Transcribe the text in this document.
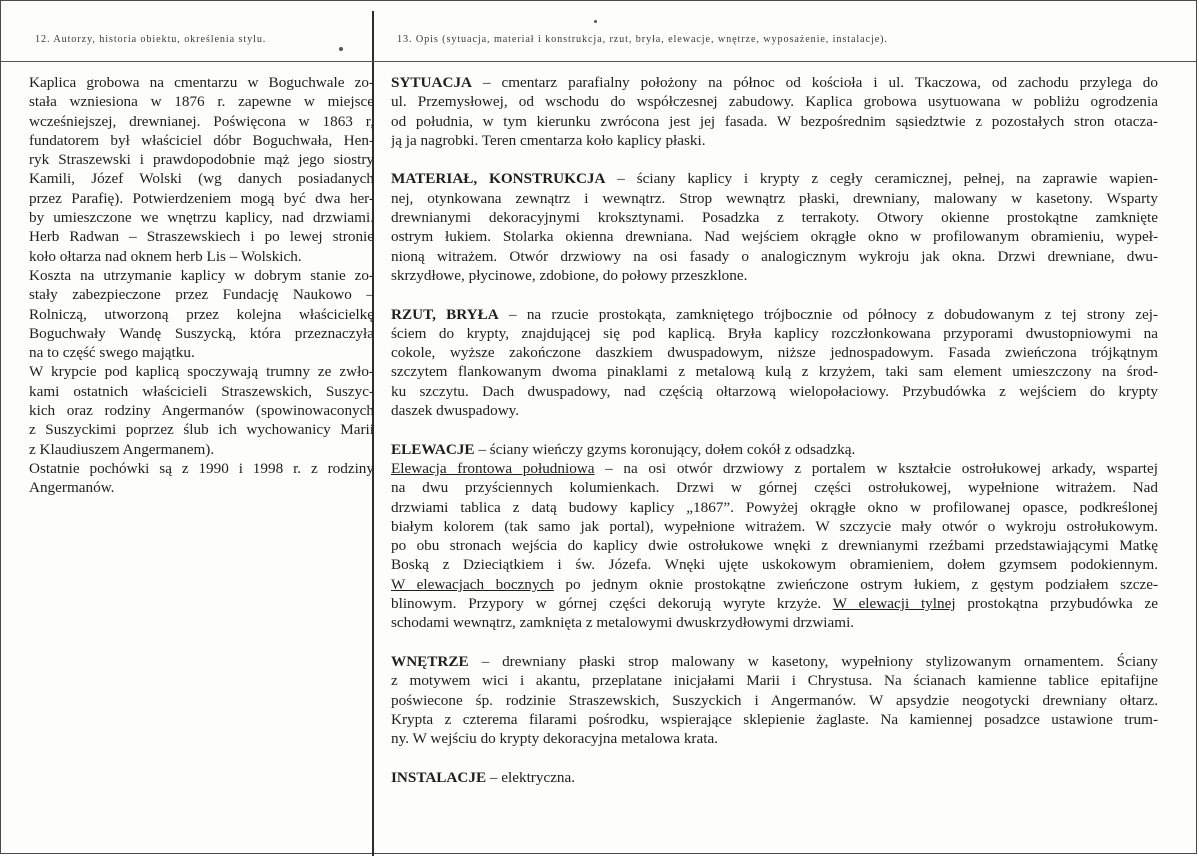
12. Autorzy, historia obiektu, określenia stylu.	13. Opis (sytuacja, materiał i konstrukcja, rzut, bryła, elewacje, wnętrze, wyposażenie, instalacje).
Kaplica grobowa na cmentarzu w Boguchwale zo-
stała wzniesiona w 1876 r. zapewne w miejsce
wcześniejszej, drewnianej. Poświęcona w 1863 r,
fundatorem był właściciel dóbr Boguchwała, Hen-
ryk Straszewski i prawdopodobnie mąż jego siostry
Kamili, Józef Wolski (wg danych posiadanych
przez Parafię). Potwierdzeniem mogą być dwa her-
by umieszczone we wnętrzu kaplicy, nad drzwiami.
Herb Radwan – Straszewskiech i po lewej stronie
koło ołtarza nad oknem herb Lis – Wolskich.
Koszta na utrzymanie kaplicy w dobrym stanie zo-
stały zabezpieczone przez Fundację Naukowo –
Rolniczą, utworzoną przez kolejna właścicielkę
Boguchwały Wandę Suszycką, która przeznaczyła
na to część swego majątku.
W krypcie pod kaplicą spoczywają trumny ze zwło-
kami ostatnich właścicieli Straszewskich, Suszyc-
kich oraz rodziny Angermanów (spowinowaconych
z Suszyckimi poprzez ślub ich wychowanicy Marii
z Klaudiuszem Angermanem).
Ostatnie pochówki są z 1990 i 1998 r. z rodziny
Angermanów.
SYTUACJA – cmentarz parafialny położony na północ od kościoła i ul. Tkaczowa, od zachodu przylega do
ul. Przemysłowej, od wschodu do współczesnej zabudowy. Kaplica grobowa usytuowana w pobliżu ogrodzenia
od południa, w tym kierunku zwrócona jest jej fasada. W bezpośrednim sąsiedztwie z pozostałych stron otacza-
ją ja nagrobki. Teren cmentarza koło kaplicy płaski.
MATERIAŁ, KONSTRUKCJA – ściany kaplicy i krypty z cegły ceramicznej, pełnej, na zaprawie wapien-
nej, otynkowana zewnątrz i wewnątrz. Strop wewnątrz płaski, drewniany, malowany w kasetony. Wsparty
drewnianymi dekoracyjnymi kroksztynami. Posadzka z terrakoty. Otwory okienne prostokątne zamknięte
ostrym łukiem. Stolarka okienna drewniana. Nad wejściem okrągłe okno w profilowanym obramieniu, wypeł-
nioną witrażem. Otwór drzwiowy na osi fasady o analogicznym wykroju jak okna. Drzwi drewniane, dwu-
skrzydłowe, płycinowe, zdobione, do połowy przeszklone.
RZUT, BRYŁA – na rzucie prostokąta, zamkniętego trójbocznie od północy z dobudowanym z tej strony zej-
ściem do krypty, znajdującej się pod kaplicą. Bryła kaplicy rozczłonkowana przyporami dwustopniowymi na
cokole, wyższe zakończone daszkiem dwuspadowym, niższe jednospadowym. Fasada zwieńczona trójkątnym
szczytem flankowanym dwoma pinaklami z metalową kulą z krzyżem, taki sam element umieszczony na środ-
ku szczytu. Dach dwuspadowy, nad częścią ołtarzową wielopołaciowy. Przybudówka z wejściem do krypty
daszek dwuspadowy.
ELEWACJE – ściany wieńczy gzyms koronujący, dołem cokół z odsadzką.
Elewacja frontowa południowa – na osi otwór drzwiowy z portalem w kształcie ostrołukowej arkady, wspartej
na dwu przyściennych kolumienkach. Drzwi w górnej części ostrołukowej, wypełnione witrażem. Nad
drzwiami tablica z datą budowy kaplicy „1867”. Powyżej okrągłe okno w profilowanej opasce, podkreślonej
białym kolorem (tak samo jak portal), wypełnione witrażem. W szczycie mały otwór o wykroju ostrołukowym.
po obu stronach wejścia do kaplicy dwie ostrołukowe wnęki z drewnianymi rzeźbami przedstawiającymi Matkę
Boską z Dzieciątkiem i św. Józefa. Wnęki ujęte uskokowym obramieniem, dołem gzymsem podokiennym.
W elewacjach bocznych po jednym oknie prostokątne zwieńczone ostrym łukiem, z gęstym podziałem szcze-
blinowym. Przypory w górnej części dekorują wyryte krzyże. W elewacji tylnej prostokątna przybudówka ze
schodami wewnątrz, zamknięta z metalowymi dwuskrzydłowymi drzwiami.
WNĘTRZE – drewniany płaski strop malowany w kasetony, wypełniony stylizowanym ornamentem. Ściany
z motywem wici i akantu, przeplatane inicjałami Marii i Chrystusa. Na ścianach kamienne tablice epitafijne
poświecone śp. rodzinie Straszewskich, Suszyckich i Angermanów. W apsydzie neogotycki drewniany ołtarz.
Krypta z czterema filarami pośrodku, wspierające sklepienie żaglaste. Na kamiennej posadzce ustawione trum-
ny. W wejściu do krypty dekoracyjna metalowa krata.
INSTALACJE – elektryczna.
